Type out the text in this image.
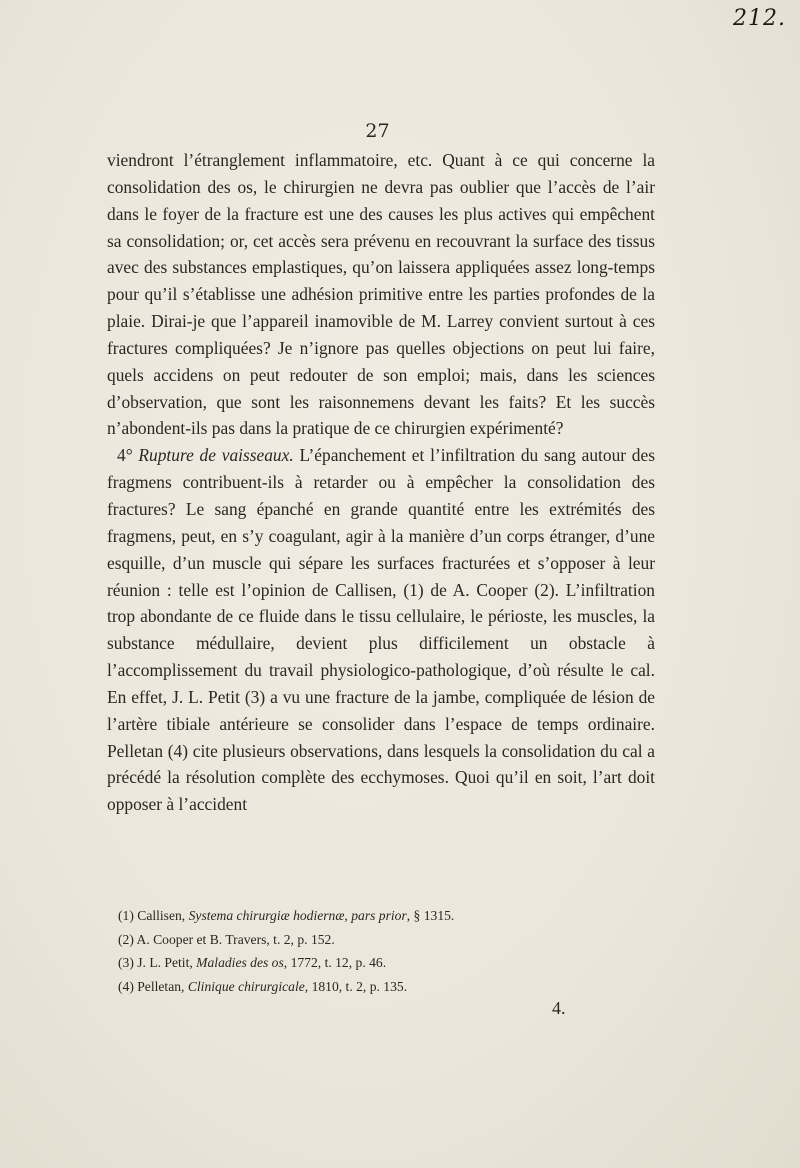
212.
27

viendront l’étranglement inflammatoire, etc. Quant à ce qui concerne la consolidation des os, le chirurgien ne devra pas oublier que l’accès de l’air dans le foyer de la fracture est une des causes les plus actives qui empêchent sa consolidation; or, cet accès sera prévenu en recouvrant la surface des tissus avec des substances emplastiques, qu’on laissera appliquées assez long-temps pour qu’il s’établisse une adhésion primitive entre les parties profondes de la plaie. Dirai-je que l’appareil inamovible de M. Larrey convient surtout à ces fractures compliquées? Je n’ignore pas quelles objections on peut lui faire, quels accidens on peut redouter de son emploi; mais, dans les sciences d’observation, que sont les raisonnemens devant les faits? Et les succès n’abondent-ils pas dans la pratique de ce chirurgien expérimenté?

4° Rupture de vaisseaux. L’épanchement et l’infiltration du sang autour des fragmens contribuent-ils à retarder ou à empêcher la consolidation des fractures? Le sang épanché en grande quantité entre les extrémités des fragmens, peut, en s’y coagulant, agir à la manière d’un corps étranger, d’une esquille, d’un muscle qui sépare les surfaces fracturées et s’opposer à leur réunion : telle est l’opinion de Callisen, (1) de A. Cooper (2). L’infiltration trop abondante de ce fluide dans le tissu cellulaire, le périoste, les muscles, la substance médullaire, devient plus difficilement un obstacle à l’accomplissement du travail physiologico-pathologique, d’où résulte le cal. En effet, J. L. Petit (3) a vu une fracture de la jambe, compliquée de lésion de l’artère tibiale antérieure se consolider dans l’espace de temps ordinaire. Pelletan (4) cite plusieurs observations, dans lesquels la consolidation du cal a précédé la résolution complète des ecchymoses. Quoi qu’il en soit, l’art doit opposer à l’accident

(1) Callisen, Systema chirurgiæ hodiernæ, pars prior, § 1315.
(2) A. Cooper et B. Travers, t. 2, p. 152.
(3) J. L. Petit, Maladies des os, 1772, t. 12, p. 46.
(4) Pelletan, Clinique chirurgicale, 1810, t. 2, p. 135.
4.
